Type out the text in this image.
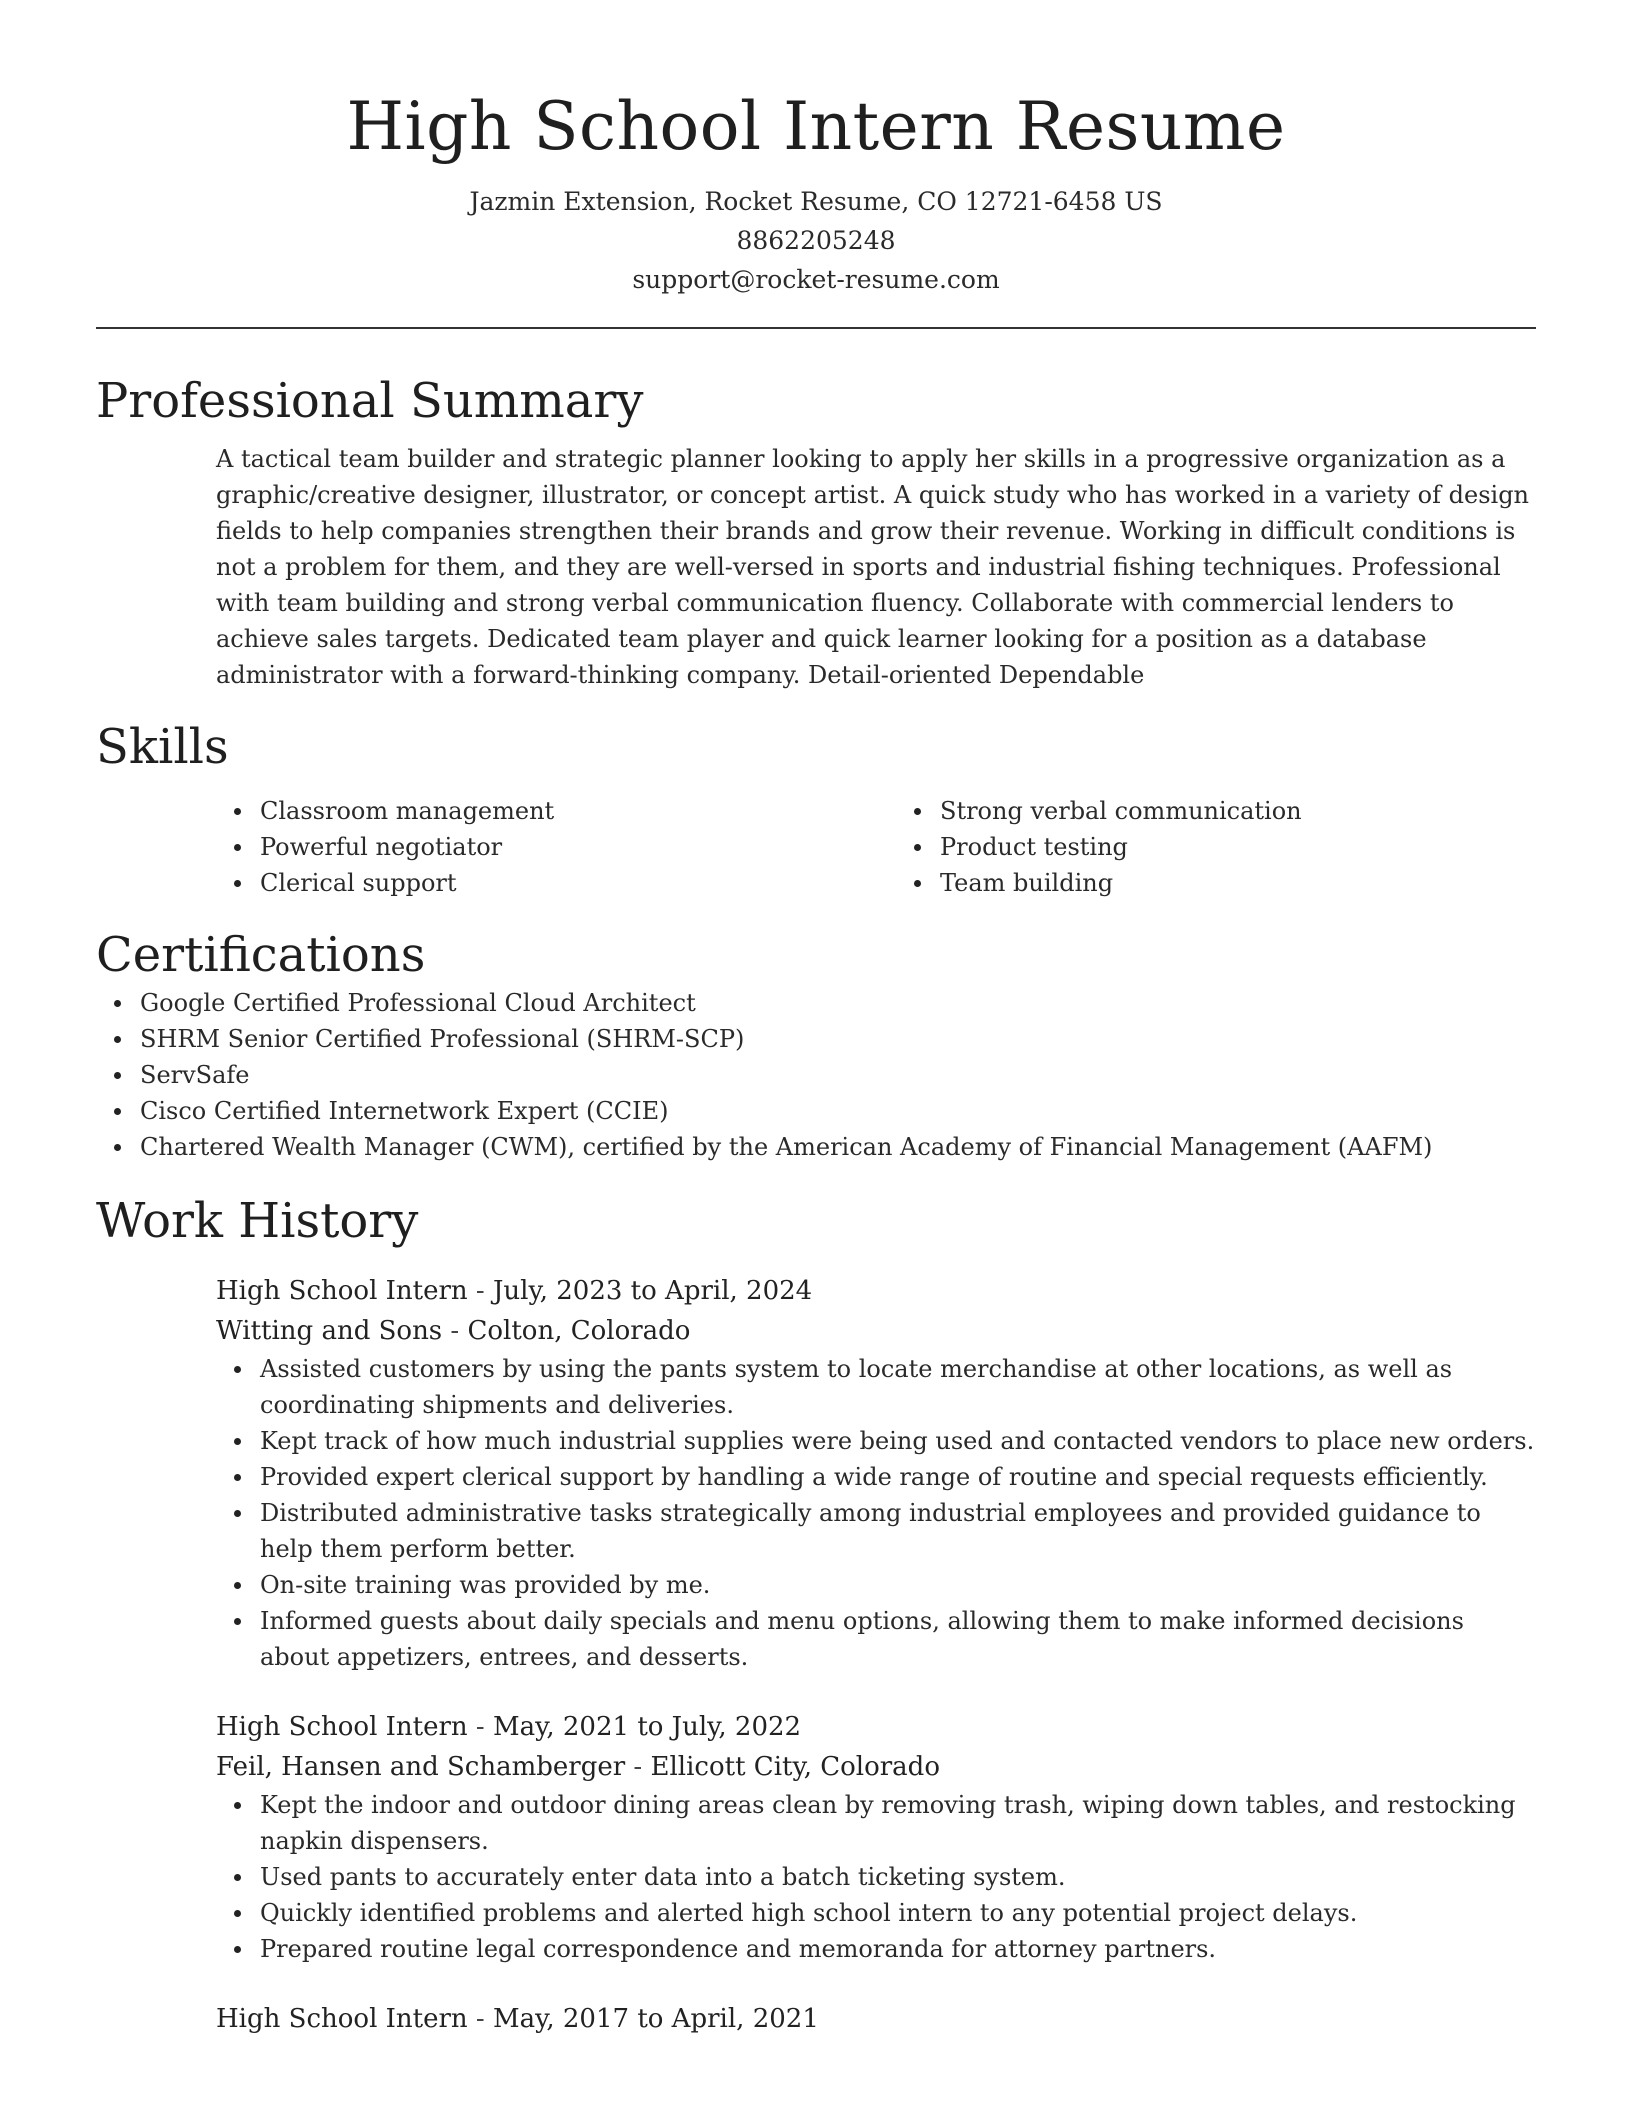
High School Intern Resume
Jazmin Extension, Rocket Resume, CO 12721-6458 US
8862205248
support@rocket-resume.com
Professional Summary

A tactical team builder and strategic planner looking to apply her skills in a progressive organization as a graphic/creative designer, illustrator, or concept artist. A quick study who has worked in a variety of design fields to help companies strengthen their brands and grow their revenue. Working in difficult conditions is not a problem for them, and they are well-versed in sports and industrial fishing techniques. Professional with team building and strong verbal communication fluency. Collaborate with commercial lenders to achieve sales targets. Dedicated team player and quick learner looking for a position as a database administrator with a forward-thinking company. Detail-oriented Dependable

Skills
Classroom management
Powerful negotiator
Clerical support
Strong verbal communication
Product testing
Team building
Certifications
Google Certified Professional Cloud Architect
SHRM Senior Certified Professional (SHRM-SCP)
ServSafe
Cisco Certified Internetwork Expert (CCIE)
Chartered Wealth Manager (CWM), certified by the American Academy of Financial Management (AAFM)
Work History
High School Intern - July, 2023 to April, 2024
Witting and Sons - Colton, Colorado
Assisted customers by using the pants system to locate merchandise at other locations, as well as coordinating shipments and deliveries.
Kept track of how much industrial supplies were being used and contacted vendors to place new orders.
Provided expert clerical support by handling a wide range of routine and special requests efficiently.
Distributed administrative tasks strategically among industrial employees and provided guidance to help them perform better.
On-site training was provided by me.
Informed guests about daily specials and menu options, allowing them to make informed decisions about appetizers, entrees, and desserts.
High School Intern - May, 2021 to July, 2022
Feil, Hansen and Schamberger - Ellicott City, Colorado
Kept the indoor and outdoor dining areas clean by removing trash, wiping down tables, and restocking napkin dispensers.
Used pants to accurately enter data into a batch ticketing system.
Quickly identified problems and alerted high school intern to any potential project delays.
Prepared routine legal correspondence and memoranda for attorney partners.
High School Intern - May, 2017 to April, 2021
